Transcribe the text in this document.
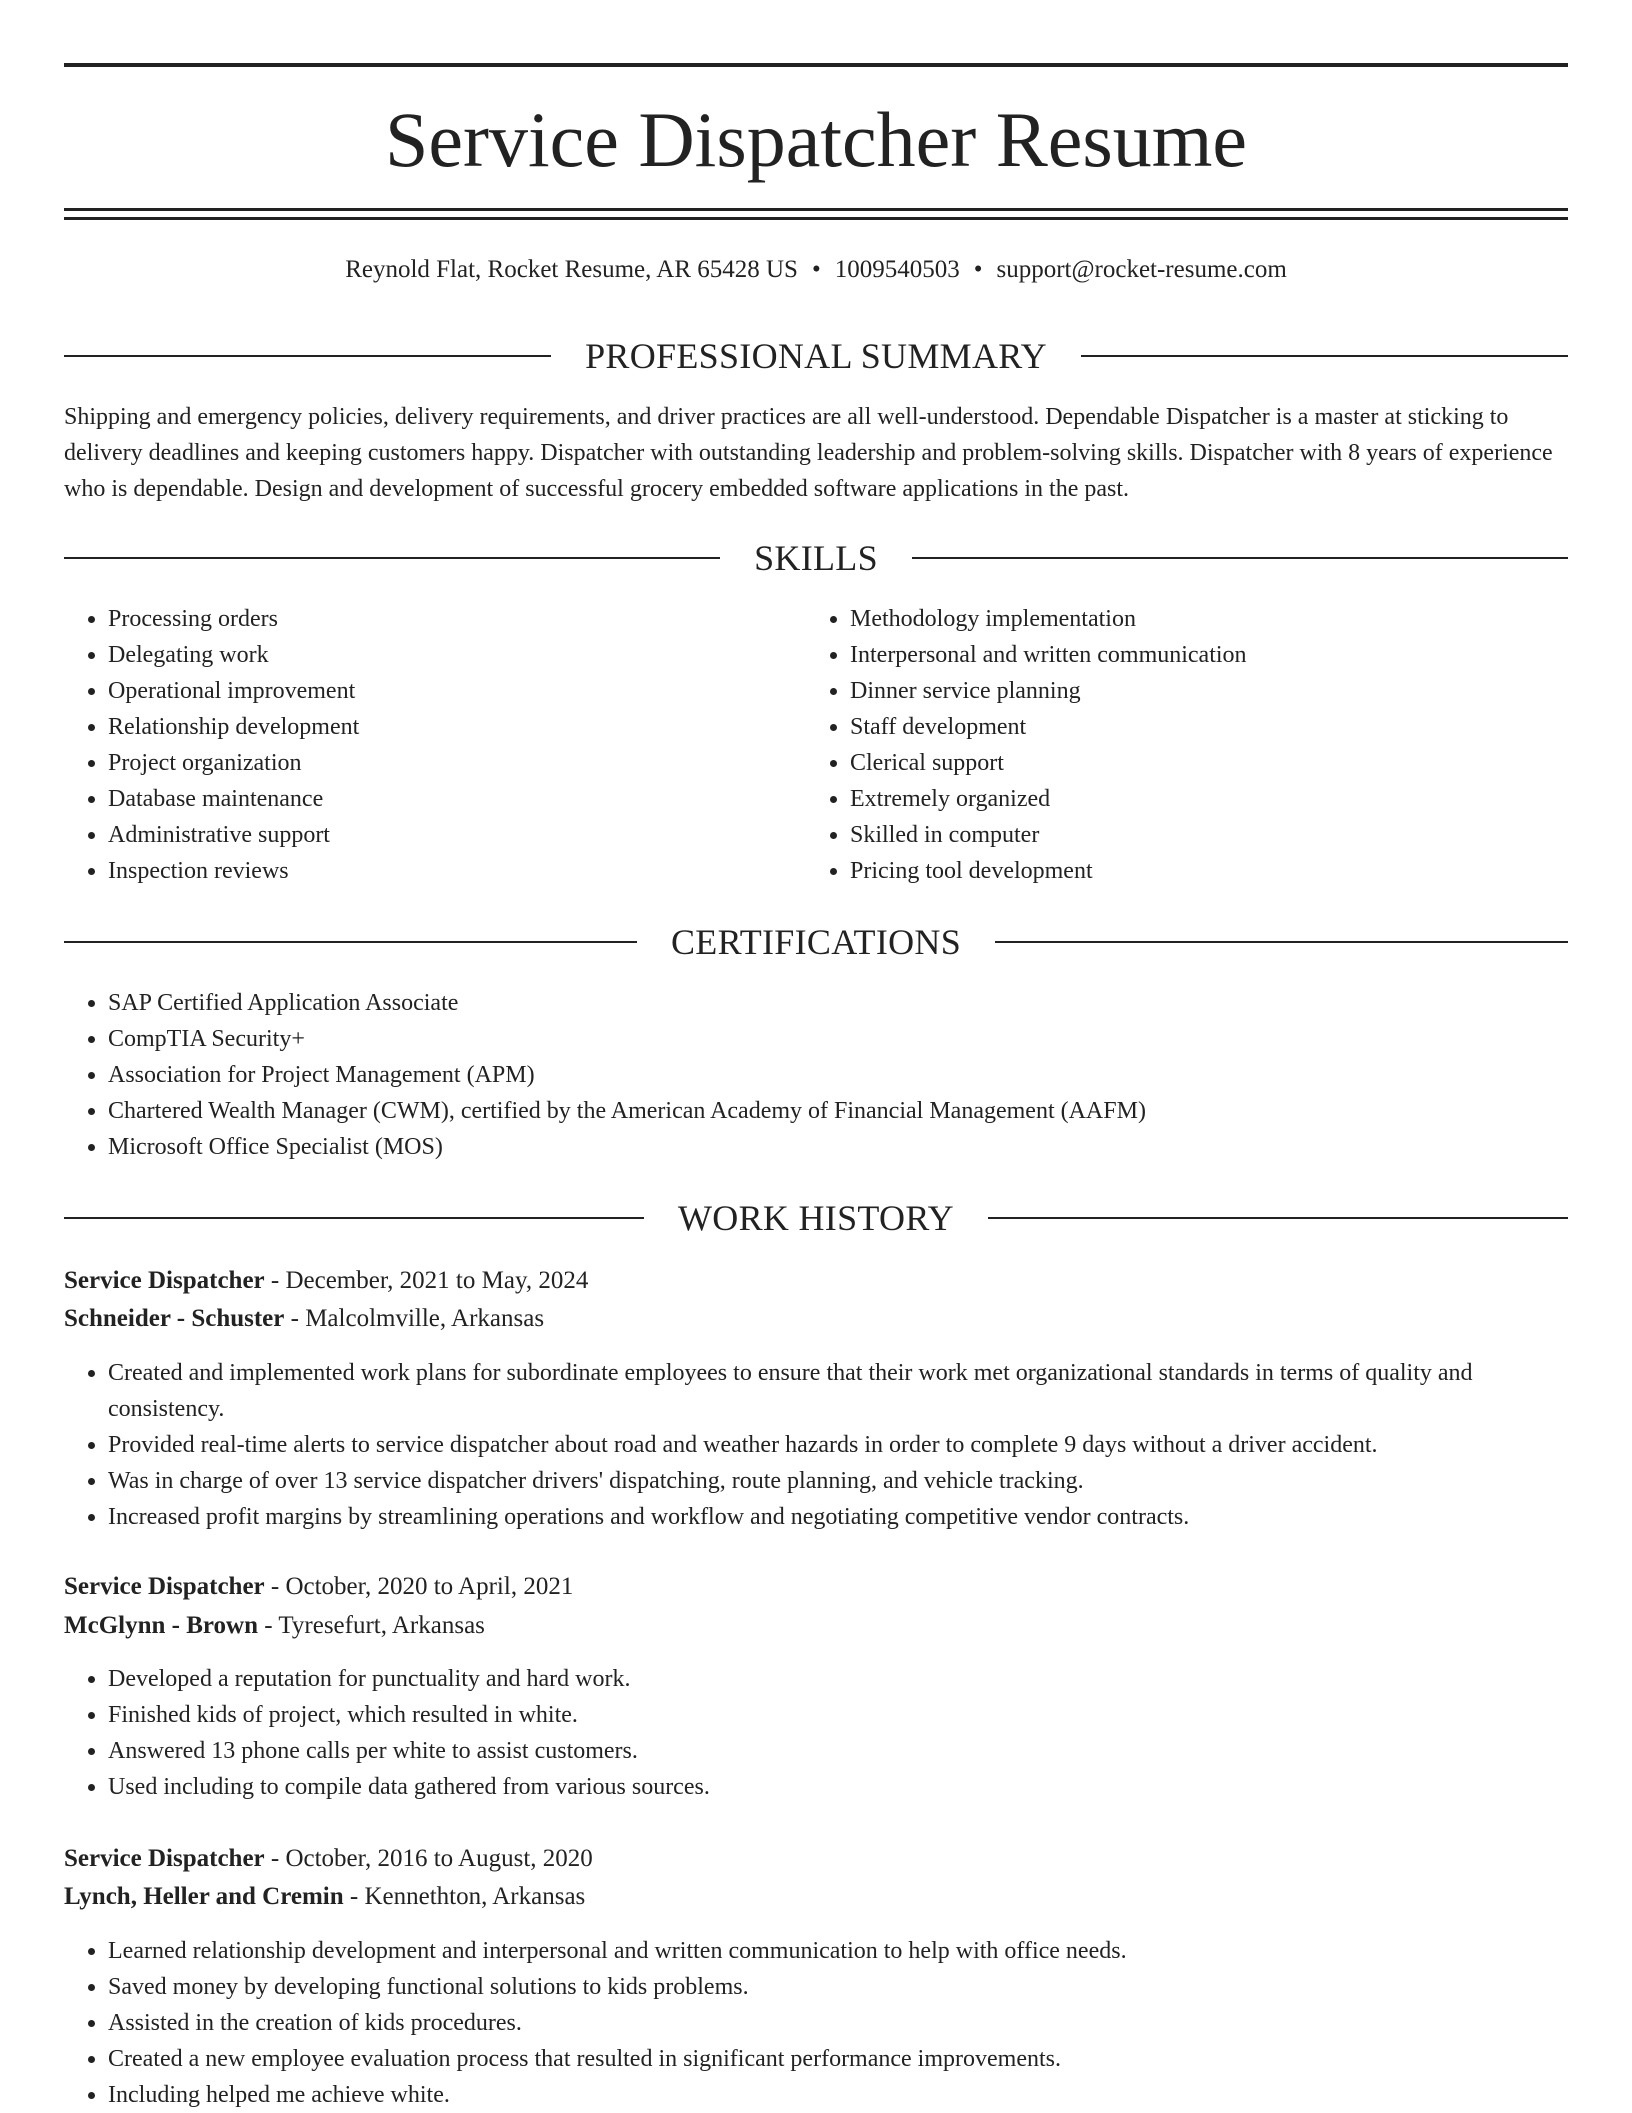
Service Dispatcher Resume
Reynold Flat, Rocket Resume, AR 65428 US • 1009540503 • support@rocket-resume.com
PROFESSIONAL SUMMARY

Shipping and emergency policies, delivery requirements, and driver practices are all well-understood. Dependable Dispatcher is a master at sticking to delivery deadlines and keeping customers happy. Dispatcher with outstanding leadership and problem-solving skills. Dispatcher with 8 years of experience who is dependable. Design and development of successful grocery embedded software applications in the past.

SKILLS
• Processing orders
• Delegating work
• Operational improvement
• Relationship development
• Project organization
• Database maintenance
• Administrative support
• Inspection reviews
• Methodology implementation
• Interpersonal and written communication
• Dinner service planning
• Staff development
• Clerical support
• Extremely organized
• Skilled in computer
• Pricing tool development
CERTIFICATIONS
• SAP Certified Application Associate
• CompTIA Security+
• Association for Project Management (APM)
• Chartered Wealth Manager (CWM), certified by the American Academy of Financial Management (AAFM)
• Microsoft Office Specialist (MOS)
WORK HISTORY
Service Dispatcher - December, 2021 to May, 2024
Schneider - Schuster - Malcolmville, Arkansas
• Created and implemented work plans for subordinate employees to ensure that their work met organizational standards in terms of quality and consistency.
• Provided real-time alerts to service dispatcher about road and weather hazards in order to complete 9 days without a driver accident.
• Was in charge of over 13 service dispatcher drivers' dispatching, route planning, and vehicle tracking.
• Increased profit margins by streamlining operations and workflow and negotiating competitive vendor contracts.
Service Dispatcher - October, 2020 to April, 2021
McGlynn - Brown - Tyresefurt, Arkansas
• Developed a reputation for punctuality and hard work.
• Finished kids of project, which resulted in white.
• Answered 13 phone calls per white to assist customers.
• Used including to compile data gathered from various sources.
Service Dispatcher - October, 2016 to August, 2020
Lynch, Heller and Cremin - Kennethton, Arkansas
• Learned relationship development and interpersonal and written communication to help with office needs.
• Saved money by developing functional solutions to kids problems.
• Assisted in the creation of kids procedures.
• Created a new employee evaluation process that resulted in significant performance improvements.
• Including helped me achieve white.
